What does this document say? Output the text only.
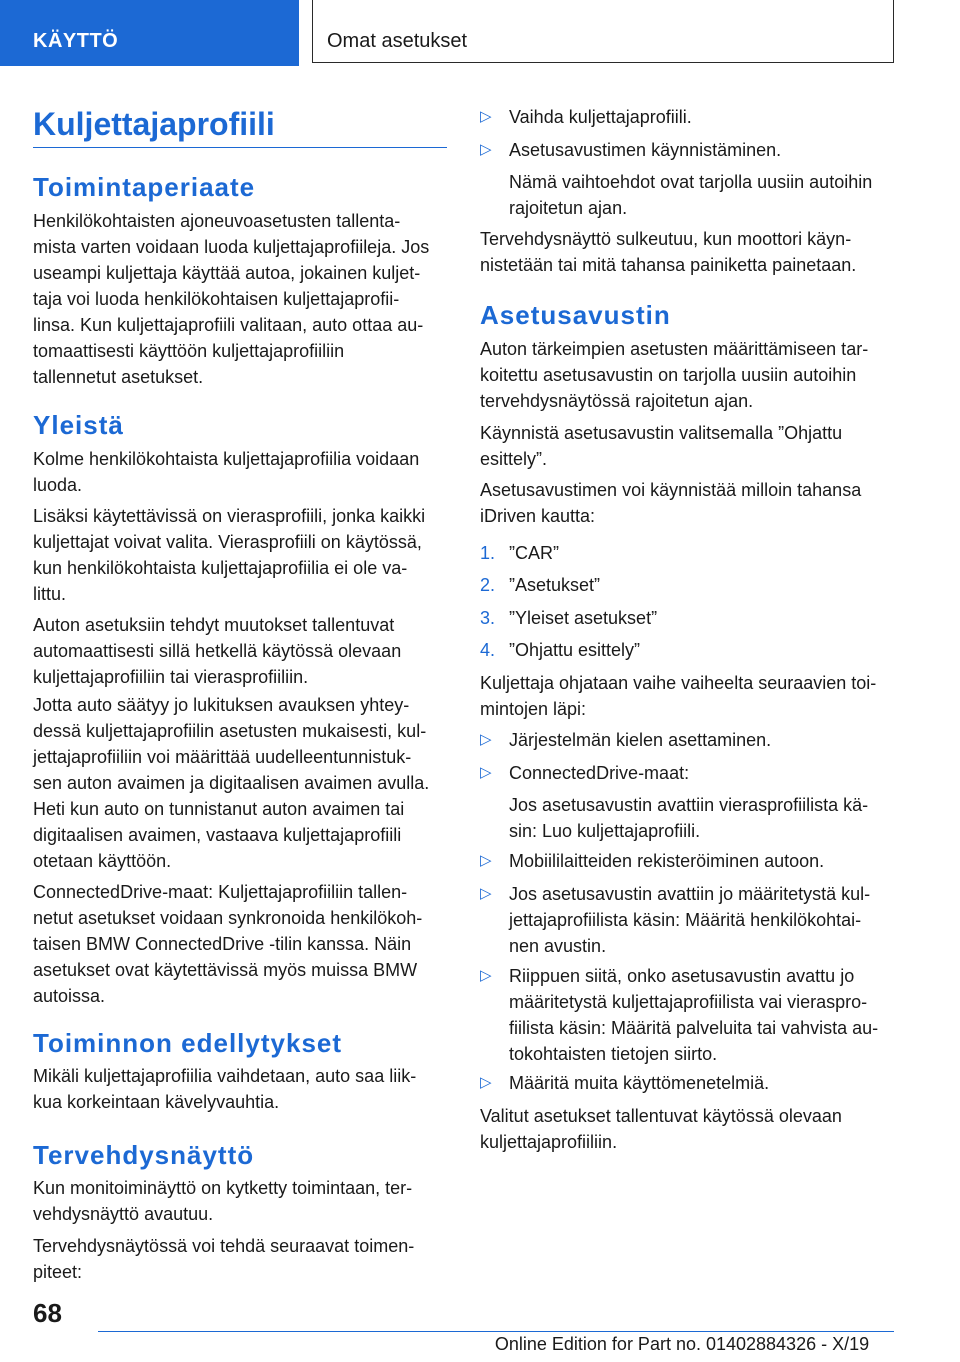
KÄYTTÖ	Omat asetukset
Kuljettajaprofiili
Toimintaperiaate
Henkilökohtaisten ajoneuvoasetusten tallenta‐
mista varten voidaan luoda kuljettajaprofiileja. Jos
useampi kuljettaja käyttää autoa, jokainen kuljet‐
taja voi luoda henkilökohtaisen kuljettajaprofii‐
linsa. Kun kuljettajaprofiili valitaan, auto ottaa au‐
tomaattisesti käyttöön kuljettajaprofiiliin
tallennetut asetukset.
Yleistä
Kolme henkilökohtaista kuljettajaprofiilia voidaan
luoda.
Lisäksi käytettävissä on vierasprofiili, jonka kaikki
kuljettajat voivat valita. Vierasprofiili on käytössä,
kun henkilökohtaista kuljettajaprofiilia ei ole va‐
littu.
Auton asetuksiin tehdyt muutokset tallentuvat
automaattisesti sillä hetkellä käytössä olevaan
kuljettajaprofiiliin tai vierasprofiiliin.
Jotta auto säätyy jo lukituksen avauksen yhtey‐
dessä kuljettajaprofiilin asetusten mukaisesti, kul‐
jettajaprofiiliin voi määrittää uudelleentunnistuk‐
sen auton avaimen ja digitaalisen avaimen avulla.
Heti kun auto on tunnistanut auton avaimen tai
digitaalisen avaimen, vastaava kuljettajaprofiili
otetaan käyttöön.
ConnectedDrive-maat: Kuljettajaprofiiliin tallen‐
netut asetukset voidaan synkronoida henkilökoh‐
taisen BMW ConnectedDrive -tilin kanssa. Näin
asetukset ovat käytettävissä myös muissa BMW
autoissa.
Toiminnon edellytykset
Mikäli kuljettajaprofiilia vaihdetaan, auto saa liik‐
kua korkeintaan kävelyvauhtia.
Tervehdysnäyttö
Kun monitoiminäyttö on kytketty toimintaan, ter‐
vehdysnäyttö avautuu.
Tervehdysnäytössä voi tehdä seuraavat toimen‐
piteet:
▷ Vaihda kuljettajaprofiili.
▷ Asetusavustimen käynnistäminen.
Nämä vaihtoehdot ovat tarjolla uusiin autoihin
rajoitetun ajan.
Tervehdysnäyttö sulkeutuu, kun moottori käyn‐
nistetään tai mitä tahansa painiketta painetaan.
Asetusavustin
Auton tärkeimpien asetusten määrittämiseen tar‐
koitettu asetusavustin on tarjolla uusiin autoihin
tervehdysnäytössä rajoitetun ajan.
Käynnistä asetusavustin valitsemalla ”Ohjattu
esittely”.
Asetusavustimen voi käynnistää milloin tahansa
iDriven kautta:
1. ”CAR”
2. ”Asetukset”
3. ”Yleiset asetukset”
4. ”Ohjattu esittely”
Kuljettaja ohjataan vaihe vaiheelta seuraavien toi‐
mintojen läpi:
▷ Järjestelmän kielen asettaminen.
▷ ConnectedDrive-maat:
Jos asetusavustin avattiin vierasprofiilista kä‐
sin: Luo kuljettajaprofiili.
▷ Mobiililaitteiden rekisteröiminen autoon.
▷ Jos asetusavustin avattiin jo määritetystä kul‐
jettajaprofiilista käsin: Määritä henkilökohtai‐
nen avustin.
▷ Riippuen siitä, onko asetusavustin avattu jo
määritetystä kuljettajaprofiilista vai vieraspro‐
fiilista käsin: Määritä palveluita tai vahvista au‐
tokohtaisten tietojen siirto.
▷ Määritä muita käyttömenetelmiä.
Valitut asetukset tallentuvat käytössä olevaan
kuljettajaprofiiliin.
68
Online Edition for Part no. 01402884326 - X/19
